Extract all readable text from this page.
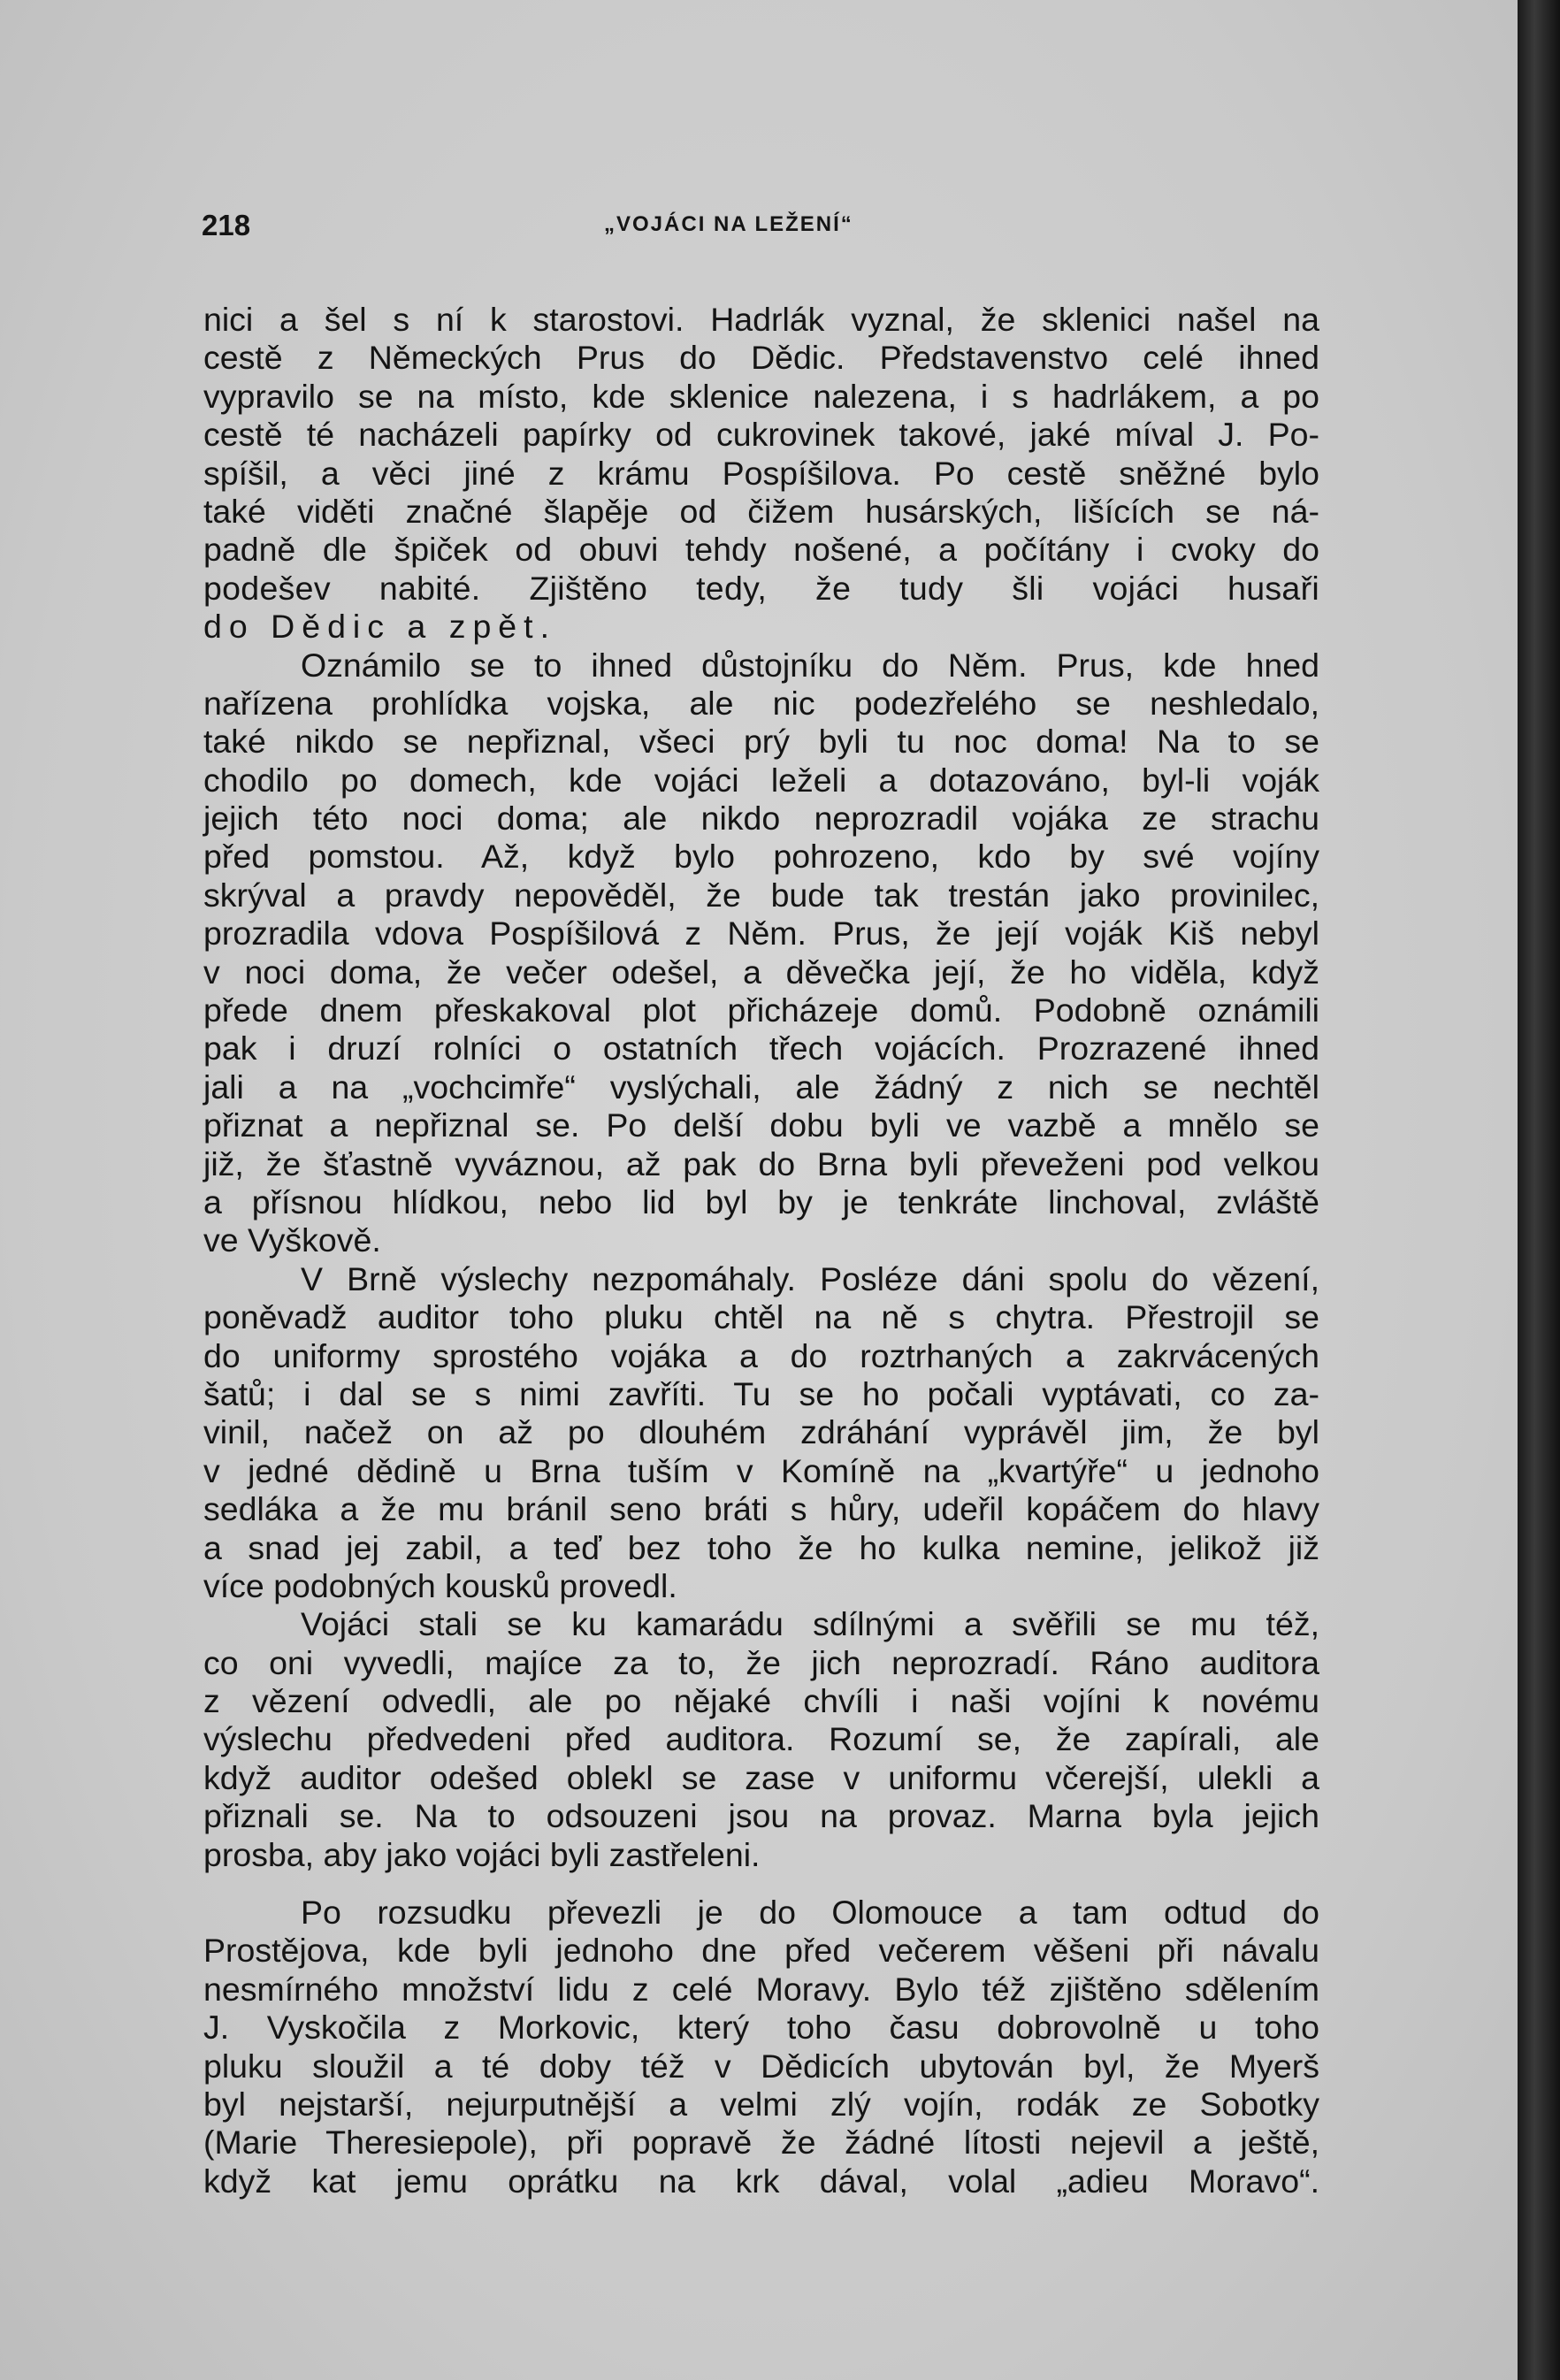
218	„VOJÁCI NA LEŽENÍ“
nici a šel s ní k starostovi. Hadrlák vyznal, že sklenici našel na
cestě z Německých Prus do Dědic. Představenstvo celé ihned
vypravilo se na místo, kde sklenice nalezena, i s hadrlákem, a po
cestě té nacházeli papírky od cukrovinek takové, jaké míval J. Po-
spíšil, a věci jiné z krámu Pospíšilova. Po cestě sněžné bylo
také viděti značné šlapěje od čižem husárských, lišících se ná-
padně dle špiček od obuvi tehdy nošené, a počítány i cvoky do
podešev nabité. Zjištěno tedy, že tudy šli vojáci husaři
do Dědic a zpět.
Oznámilo se to ihned důstojníku do Něm. Prus, kde hned
nařízena prohlídka vojska, ale nic podezřelého se neshledalo,
také nikdo se nepřiznal, všeci prý byli tu noc doma! Na to se
chodilo po domech, kde vojáci leželi a dotazováno, byl-li voják
jejich této noci doma; ale nikdo neprozradil vojáka ze strachu
před pomstou. Až, když bylo pohrozeno, kdo by své vojíny
skrýval a pravdy nepověděl, že bude tak trestán jako provinilec,
prozradila vdova Pospíšilová z Něm. Prus, že její voják Kiš nebyl
v noci doma, že večer odešel, a děvečka její, že ho viděla, když
přede dnem přeskakoval plot přicházeje domů. Podobně oznámili
pak i druzí rolníci o ostatních třech vojácích. Prozrazené ihned
jali a na „vochcimře“ vyslýchali, ale žádný z nich se nechtěl
přiznat a nepřiznal se. Po delší dobu byli ve vazbě a mnělo se
již, že šťastně vyváznou, až pak do Brna byli převeženi pod velkou
a přísnou hlídkou, nebo lid byl by je tenkráte linchoval, zvláště
ve Vyškově.
V Brně výslechy nezpomáhaly. Posléze dáni spolu do vězení,
poněvadž auditor toho pluku chtěl na ně s chytra. Přestrojil se
do uniformy sprostého vojáka a do roztrhaných a zakrvácených
šatů; i dal se s nimi zavříti. Tu se ho počali vyptávati, co za-
vinil, načež on až po dlouhém zdráhání vyprávěl jim, že byl
v jedné dědině u Brna tuším v Komíně na „kvartýře“ u jednoho
sedláka a že mu bránil seno bráti s hůry, udeřil kopáčem do hlavy
a snad jej zabil, a teď bez toho že ho kulka nemine, jelikož již
více podobných kousků provedl.
Vojáci stali se ku kamarádu sdílnými a svěřili se mu též,
co oni vyvedli, majíce za to, že jich neprozradí. Ráno auditora
z vězení odvedli, ale po nějaké chvíli i naši vojíni k novému
výslechu předvedeni před auditora. Rozumí se, že zapírali, ale
když auditor odešed oblekl se zase v uniformu včerejší, ulekli a
přiznali se. Na to odsouzeni jsou na provaz. Marna byla jejich
prosba, aby jako vojáci byli zastřeleni.
Po rozsudku převezli je do Olomouce a tam odtud do
Prostějova, kde byli jednoho dne před večerem věšeni při návalu
nesmírného množství lidu z celé Moravy. Bylo též zjištěno sdělením
J. Vyskočila z Morkovic, který toho času dobrovolně u toho
pluku sloužil a té doby též v Dědicích ubytován byl, že Myerš
byl nejstarší, nejurputnější a velmi zlý vojín, rodák ze Sobotky
(Marie Theresiepole), při popravě že žádné lítosti nejevil a ještě,
když kat jemu oprátku na krk dával, volal „adieu Moravo“.
